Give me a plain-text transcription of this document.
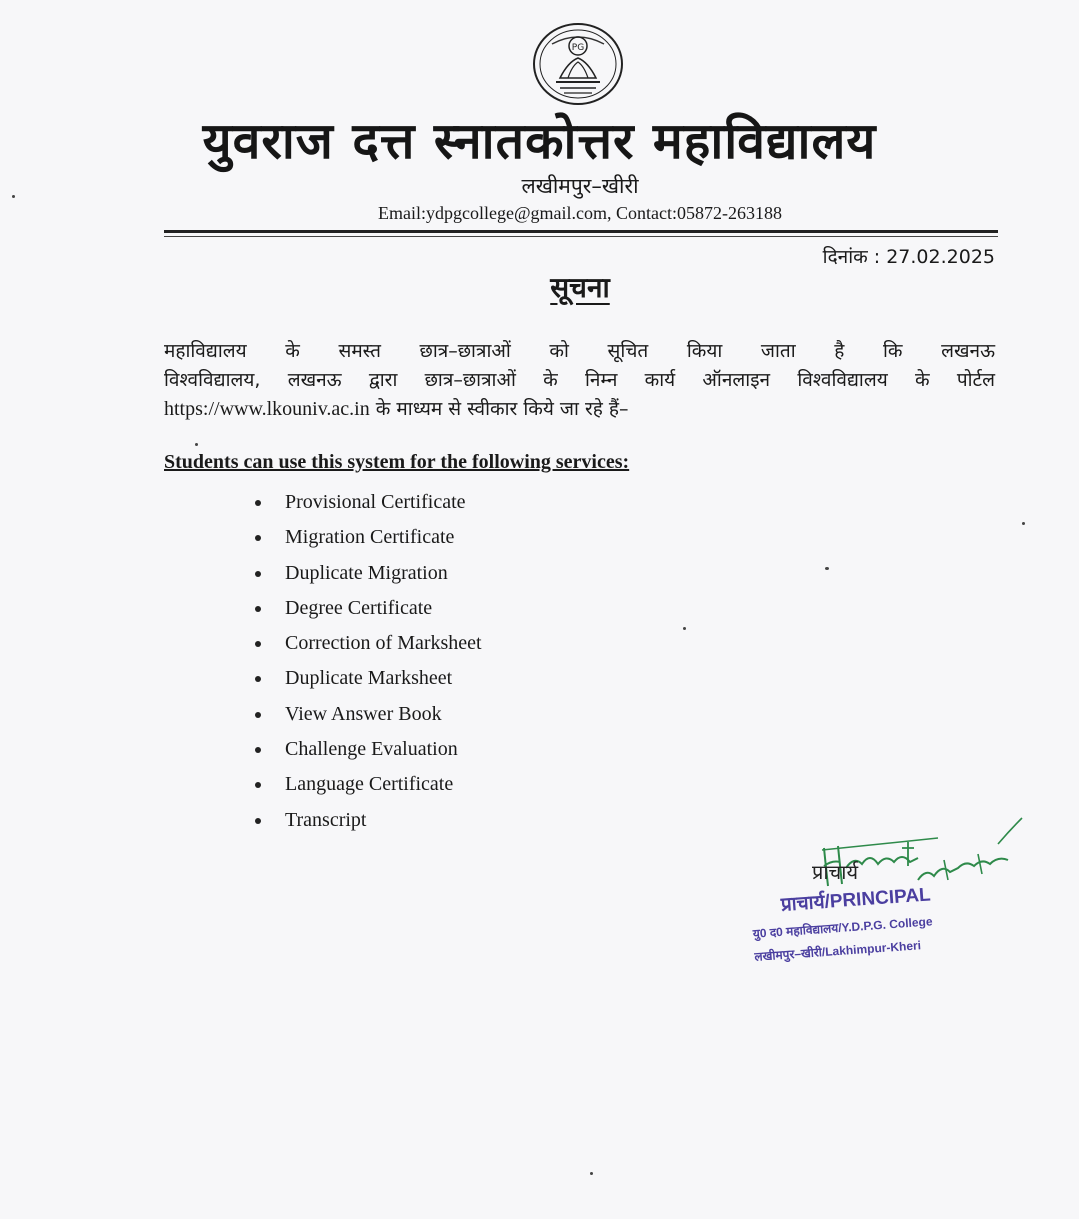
PG
युवराज दत्त स्नातकोत्तर महाविद्यालय
लखीमपुर–खीरी
Email:ydpgcollege@gmail.com, Contact:05872-263188
दिनांक : 27.02.2025
सूचना
महाविद्यालय के समस्त छात्र–छात्राओं को सूचित किया जाता है कि लखनऊ
विश्वविद्यालय, लखनऊ द्वारा छात्र–छात्राओं के निम्न कार्य ऑनलाइन विश्वविद्यालय के पोर्टल
https://www.lkouniv.ac.in के माध्यम से स्वीकार किये जा रहे हैं–
Students can use this system for the following services:
Provisional Certificate
Migration Certificate
Duplicate Migration
Degree Certificate
Correction of Marksheet
Duplicate Marksheet
View Answer Book
Challenge Evaluation
Language Certificate
Transcript
प्राचार्य
प्राचार्य/PRINCIPAL
यु0 द0 महाविद्यालय/Y.D.P.G. College
लखीमपुर–खीरी/Lakhimpur-Kheri
